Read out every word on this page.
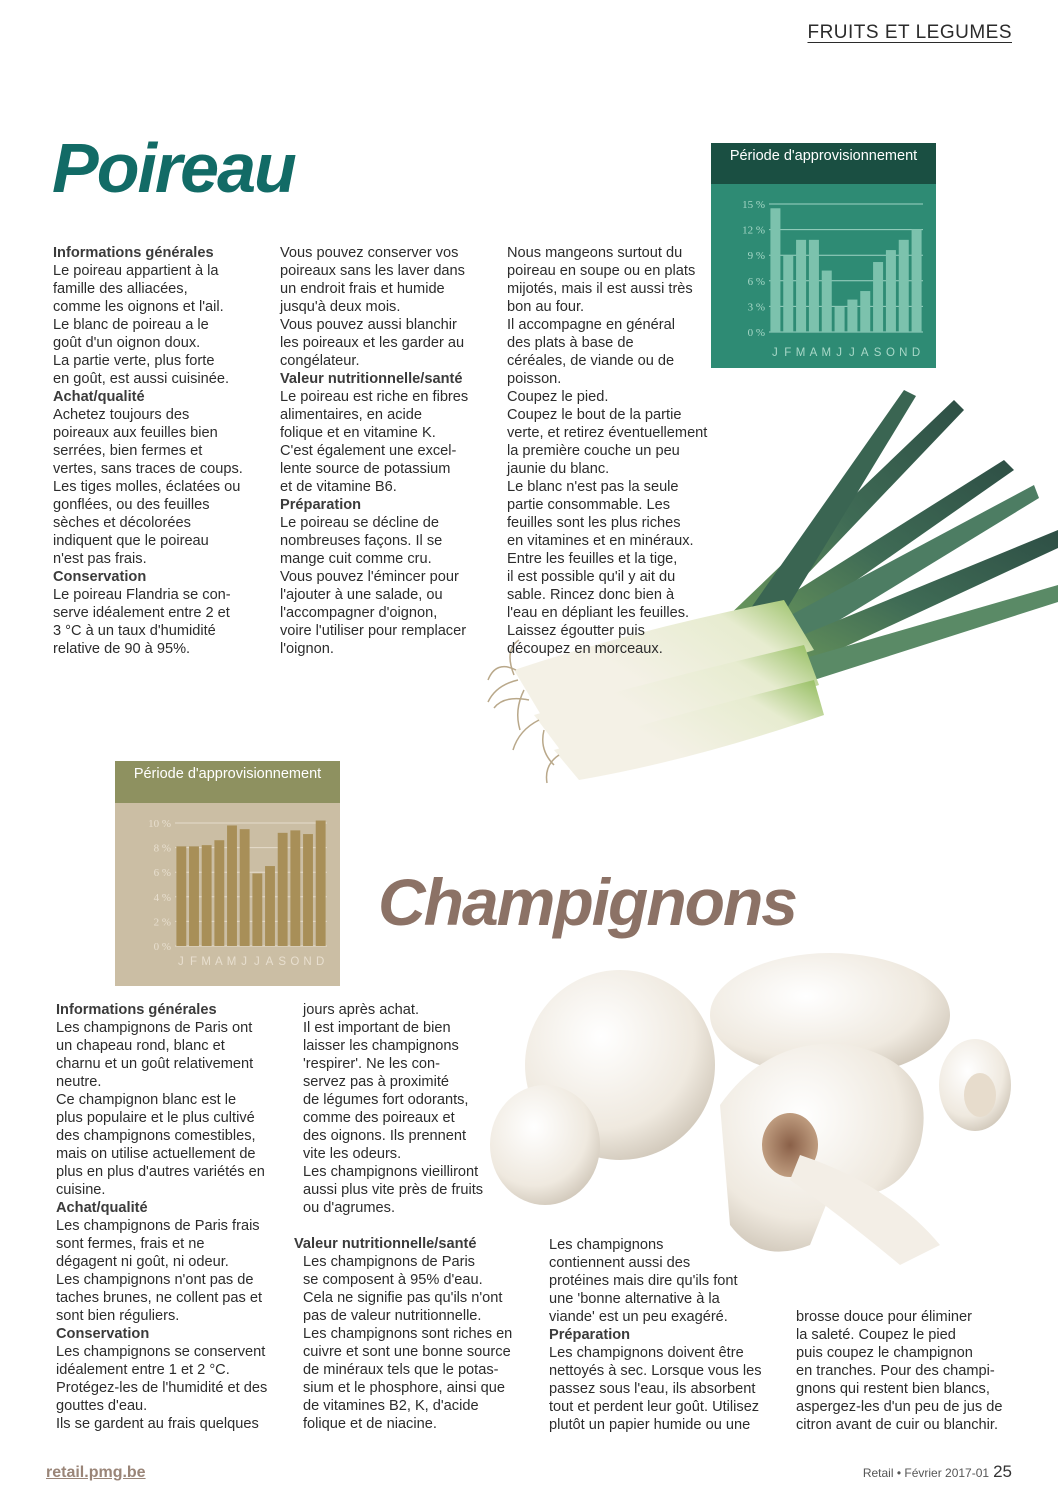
FRUITS ET LEGUMES
Poireau
Informations générales

Le poireau appartient à la
famille des alliacées,
comme les oignons et l'ail.
Le blanc de poireau a le
goût d'un oignon doux.
La partie verte, plus forte
en goût, est aussi cuisinée.

Achat/qualité

Achetez toujours des
poireaux aux feuilles bien
serrées, bien fermes et
vertes, sans traces de coups.
Les tiges molles, éclatées ou
gonflées, ou des feuilles
sèches et décolorées
indiquent que le poireau
n'est pas frais.

Conservation

Le poireau Flandria se con-
serve idéalement entre 2 et
3 °C à un taux d'humidité
relative de 90 à 95%.

Vous pouvez conserver vos
poireaux sans les laver dans
un endroit frais et humide
jusqu'à deux mois.
Vous pouvez aussi blanchir
les poireaux et les garder au
congélateur.

Valeur nutritionnelle/santé

Le poireau est riche en fibres
alimentaires, en acide
folique et en vitamine K.
C'est également une excel-
lente source de potassium
et de vitamine B6.

Préparation

Le poireau se décline de
nombreuses façons. Il se
mange cuit comme cru.
Vous pouvez l'émincer pour
l'ajouter à une salade, ou
l'accompagner d'oignon,
voire l'utiliser pour remplacer
l'oignon.

Nous mangeons surtout du
poireau en soupe ou en plats
mijotés, mais il est aussi très
bon au four.
Il accompagne en général
des plats à base de
céréales, de viande ou de
poisson.
Coupez le pied.
Coupez le bout de la partie
verte, et retirez éventuellement
la première couche un peu
jaunie du blanc.
Le blanc n'est pas la seule
partie consommable. Les
feuilles sont les plus riches
en vitamines et en minéraux.
Entre les feuilles et la tige,
il est possible qu'il y ait du
sable. Rincez donc bien à
l'eau en dépliant les feuilles.
Laissez égoutter puis
découpez en morceaux.

Période d'approvisionnement
0 %
3 %
6 %
9 %
12 %
15 %
J F M A M J J A S O N D
Période d'approvisionnement
0 %
2 %
4 %
6 %
8 %
10 %
J F M A M J J A S O N D
Champignons
Informations générales

Les champignons de Paris ont
un chapeau rond, blanc et
charnu et un goût relativement
neutre.
Ce champignon blanc est le
plus populaire et le plus cultivé
des champignons comestibles,
mais on utilise actuellement de
plus en plus d'autres variétés en
cuisine.

Achat/qualité

Les champignons de Paris frais
sont fermes, frais et ne
dégagent ni goût, ni odeur.
Les champignons n'ont pas de
taches brunes, ne collent pas et
sont bien réguliers.

Conservation

Les champignons se conservent
idéalement entre 1 et 2 °C.
Protégez-les de l'humidité et des
gouttes d'eau.
Ils se gardent au frais quelques

jours après achat.
Il est important de bien
laisser les champignons
'respirer'. Ne les con-
servez pas à proximité
de légumes fort odorants,
comme des poireaux et
des oignons. Ils prennent
vite les odeurs.
Les champignons vieilliront
aussi plus vite près de fruits
ou d'agrumes.

Valeur nutritionnelle/santé

Les champignons de Paris
se composent à 95% d'eau.
Cela ne signifie pas qu'ils n'ont
pas de valeur nutritionnelle.
Les champignons sont riches en
cuivre et sont une bonne source
de minéraux tels que le potas-
sium et le phosphore, ainsi que
de vitamines B2, K, d'acide
folique et de niacine.

Les champignons
contiennent aussi des
protéines mais dire qu'ils font
une 'bonne alternative à la
viande' est un peu exagéré.

Préparation

Les champignons doivent être
nettoyés à sec. Lorsque vous les
passez sous l'eau, ils absorbent
tout et perdent leur goût. Utilisez
plutôt un papier humide ou une

brosse douce pour éliminer
la saleté. Coupez le pied
puis coupez le champignon
en tranches. Pour des champi-
gnons qui restent bien blancs,
aspergez-les d'un peu de jus de
citron avant de cuir ou blanchir.

retail.pmg.be	Retail • Février 2017-01 25
